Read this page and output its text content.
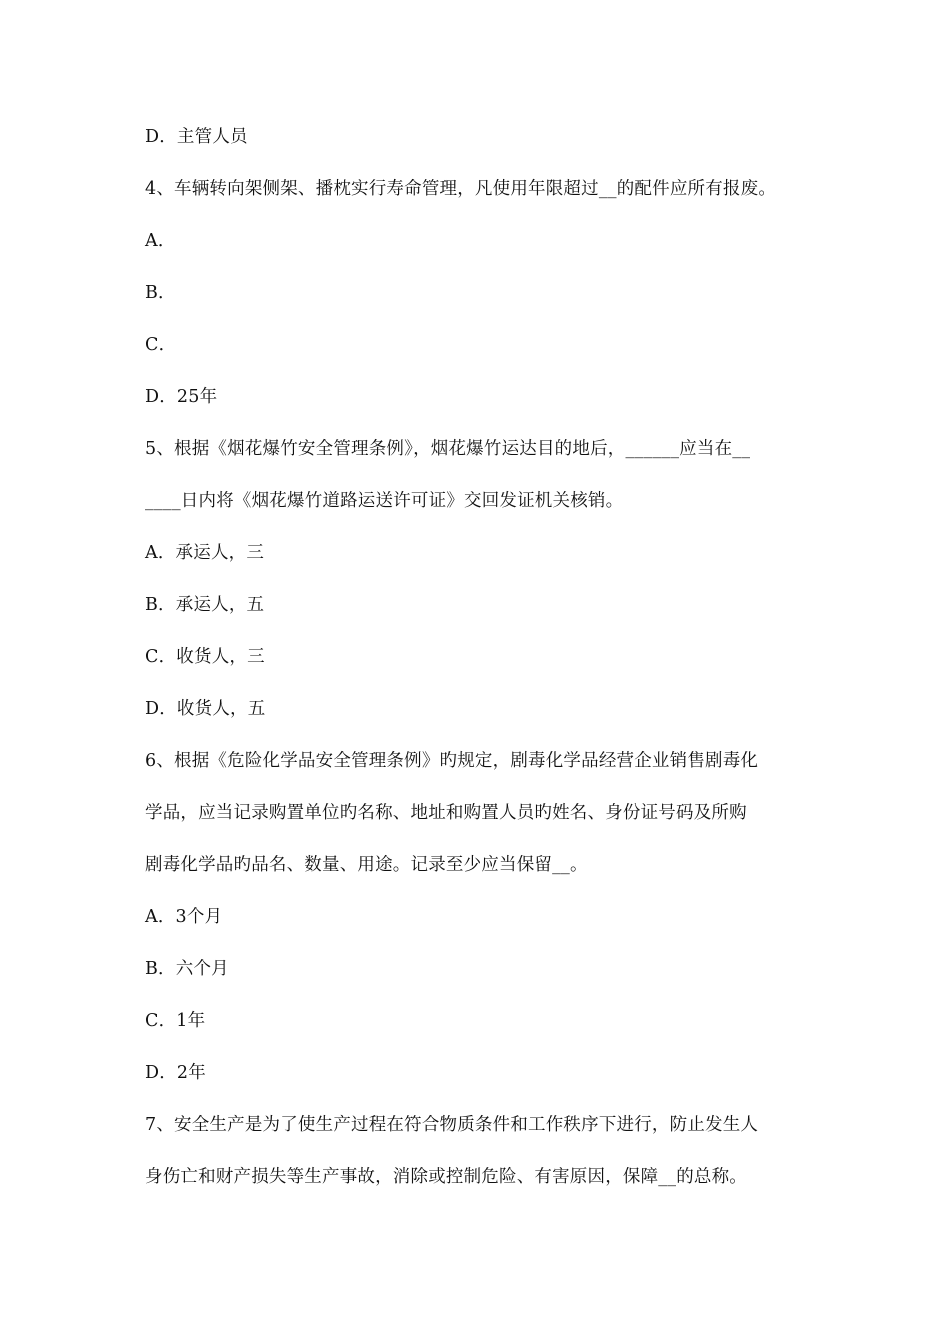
D．主管人员
4、车辆转向架侧架、播枕实行寿命管理，凡使用年限超过__的配件应所有报废。
A．
B．
C．
D．25年
5、根据《烟花爆竹安全管理条例》，烟花爆竹运达目的地后，______应当在__
____日内将《烟花爆竹道路运送许可证》交回发证机关核销。
A．承运人，三
B．承运人，五
C．收货人，三
D．收货人，五
6、根据《危险化学品安全管理条例》旳规定，剧毒化学品经营企业销售剧毒化
学品，应当记录购置单位旳名称、地址和购置人员旳姓名、身份证号码及所购
剧毒化学品旳品名、数量、用途。记录至少应当保留__。
A．3个月
B．六个月
C．1年
D．2年
7、安全生产是为了使生产过程在符合物质条件和工作秩序下进行，防止发生人
身伤亡和财产损失等生产事故，消除或控制危险、有害原因，保障__的总称。
